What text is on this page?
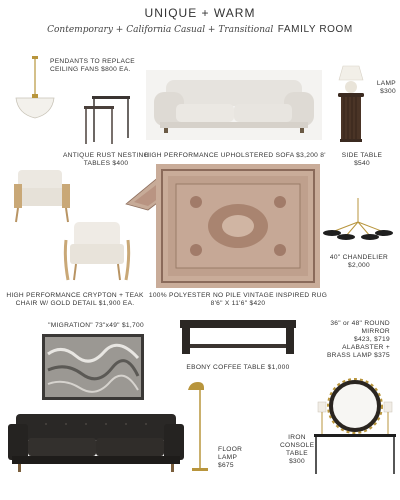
UNIQUE + WARM
Contemporary + California Casual + Transitional FAMILY ROOM
PENDANTS TO REPLACE
CEILING FANS $800 EA.
ANTIQUE RUST NESTING
TABLES $400
HIGH PERFORMANCE UPHOLSTERED SOFA $3,200 8'
LAMP
$300
SIDE TABLE
$540
HIGH PERFORMANCE CRYPTON + TEAK
CHAIR W/ GOLD DETAIL $1,900 EA.
100% POLYESTER NO PILE VINTAGE INSPIRED RUG
8'6" X 11'6" $420
40" CHANDELIER
$2,000
"MIGRATION" 73"x49" $1,700
EBONY COFFEE TABLE $1,000
36" or 48" ROUND
MIRROR
$423, $719
ALABASTER +
BRASS LAMP $375
FLOOR
LAMP
$675
IRON
CONSOLE
TABLE
$300
